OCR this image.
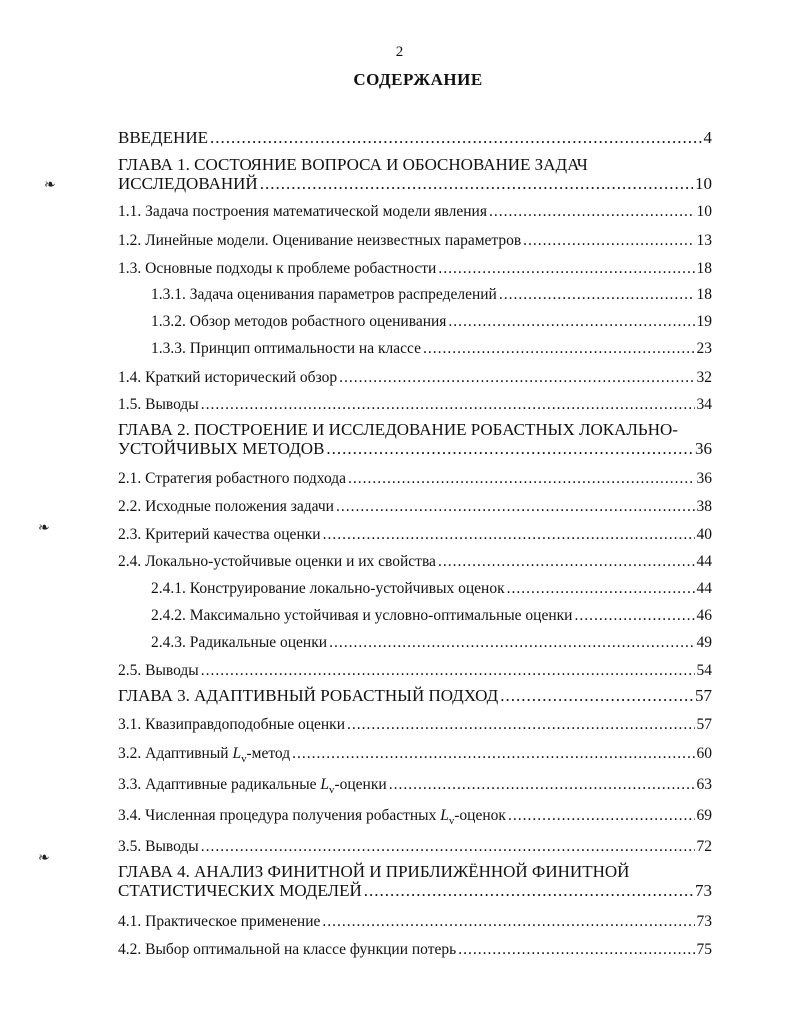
2
СОДЕРЖАНИЕ
ВВЕДЕНИЕ .....	4
ГЛАВА 1. СОСТОЯНИЕ ВОПРОСА И ОБОСНОВАНИЕ ЗАДАЧ
ИССЛЕДОВАНИЙ .....	10
1.1. Задача построения математической модели явления .....	10
1.2. Линейные модели. Оценивание неизвестных параметров .....	13
1.3. Основные подходы к проблеме робастности .....	18
1.3.1. Задача оценивания параметров распределений .....	18
1.3.2. Обзор методов робастного оценивания .....	19
1.3.3. Принцип оптимальности на классе .....	23
1.4. Краткий исторический обзор .....	32
1.5. Выводы .....	34
ГЛАВА 2. ПОСТРОЕНИЕ И ИССЛЕДОВАНИЕ РОБАСТНЫХ ЛОКАЛЬНО-
УСТОЙЧИВЫХ МЕТОДОВ .....	36
2.1. Стратегия робастного подхода .....	36
2.2. Исходные положения задачи .....	38
2.3. Критерий качества оценки .....	40
2.4. Локально-устойчивые оценки и их свойства .....	44
2.4.1. Конструирование локально-устойчивых оценок .....	44
2.4.2. Максимально устойчивая и условно-оптимальные оценки .....	46
2.4.3. Радикальные оценки .....	49
2.5. Выводы .....	54
ГЛАВА 3. АДАПТИВНЫЙ РОБАСТНЫЙ ПОДХОД .....	57
3.1. Квазиправдоподобные оценки .....	57
3.2. Адаптивный $L_v$-метод .....	60
3.3. Адаптивные радикальные $L_v$-оценки .....	63
3.4. Численная процедура получения робастных $L_v$-оценок .....	69
3.5. Выводы .....	72
ГЛАВА 4. АНАЛИЗ ФИНИТНОЙ И ПРИБЛИЖЁННОЙ ФИНИТНОЙ
СТАТИСТИЧЕСКИХ МОДЕЛЕЙ .....	73
4.1. Практическое применение .....	73
4.2. Выбор оптимальной на классе функции потерь .....	75
❧
❧
❧
